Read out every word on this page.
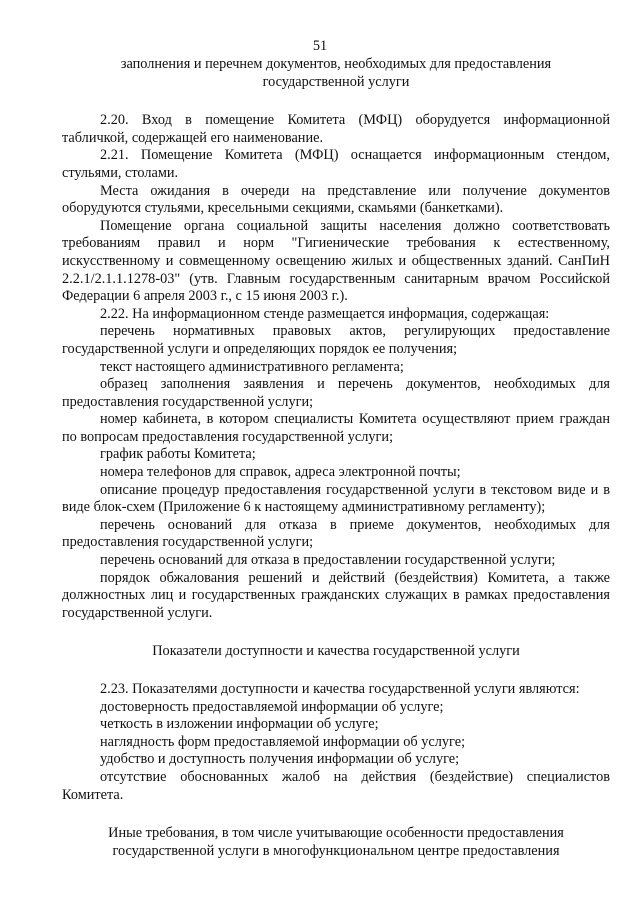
51
заполнения и перечнем документов, необходимых для предоставления
государственной услуги

2.20. Вход в помещение Комитета (МФЦ) оборудуется информационной табличкой, содержащей его наименование.

2.21. Помещение Комитета (МФЦ) оснащается информационным стендом, стульями, столами.

Места ожидания в очереди на представление или получение документов оборудуются стульями, кресельными секциями, скамьями (банкетками).

Помещение органа социальной защиты населения должно соответствовать требованиям правил и норм "Гигиенические требования к естественному, искусственному и совмещенному освещению жилых и общественных зданий. СанПиН 2.2.1/2.1.1.1278-03" (утв. Главным государственным санитарным врачом Российской Федерации 6 апреля 2003 г., с 15 июня 2003 г.).

2.22. На информационном стенде размещается информация, содержащая:

перечень нормативных правовых актов, регулирующих предоставление государственной услуги и определяющих порядок ее получения;

текст настоящего административного регламента;

образец заполнения заявления и перечень документов, необходимых для предоставления государственной услуги;

номер кабинета, в котором специалисты Комитета осуществляют прием граждан по вопросам предоставления государственной услуги;

график работы Комитета;

номера телефонов для справок, адреса электронной почты;

описание процедур предоставления государственной услуги в текстовом виде и в виде блок-схем (Приложение 6 к настоящему административному регламенту);

перечень оснований для отказа в приеме документов, необходимых для предоставления государственной услуги;

перечень оснований для отказа в предоставлении государственной услуги;

порядок обжалования решений и действий (бездействия) Комитета, а также должностных лиц и государственных гражданских служащих в рамках предоставления государственной услуги.

Показатели доступности и качества государственной услуги

2.23. Показателями доступности и качества государственной услуги являются:

достоверность предоставляемой информации об услуге;

четкость в изложении информации об услуге;

наглядность форм предоставляемой информации об услуге;

удобство и доступность получения информации об услуге;

отсутствие обоснованных жалоб на действия (бездействие) специалистов Комитета.

Иные требования, в том числе учитывающие особенности предоставления
государственной услуги в многофункциональном центре предоставления
